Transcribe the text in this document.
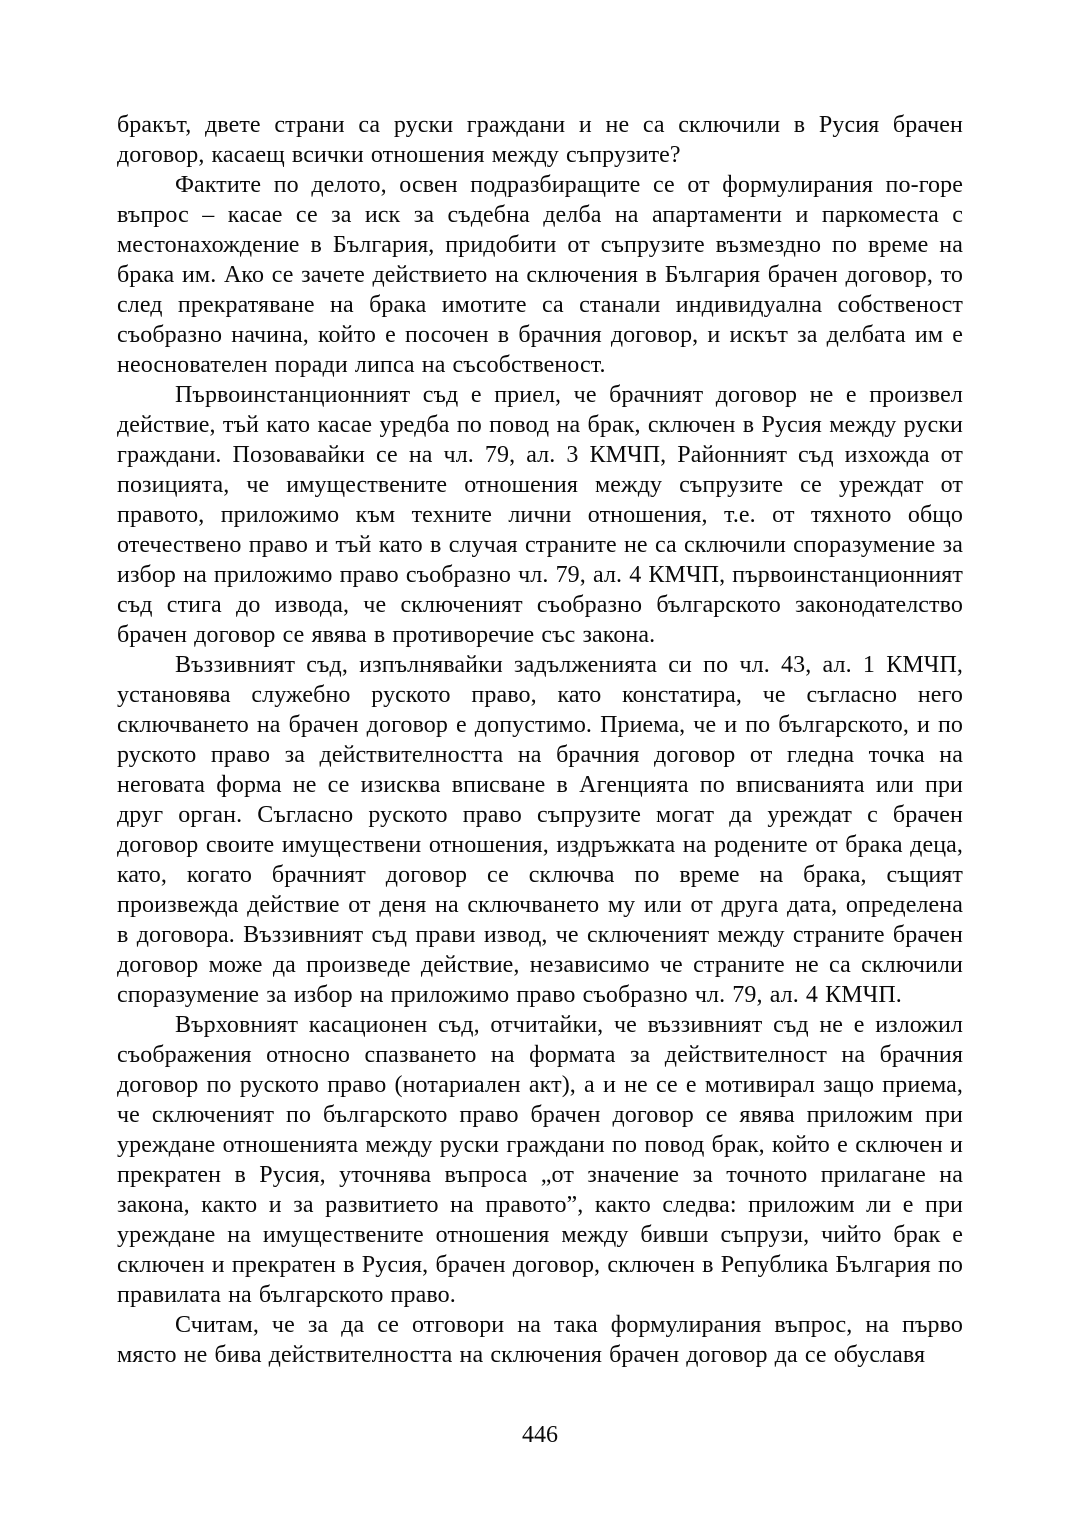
бракът, двете страни са руски граждани и не са сключили в Русия брачен договор, касаещ всички отношения между съпрузите?

Фактите по делото, освен подразбиращите се от формулирания по-горе въпрос – касае се за иск за съдебна делба на апартаменти и паркоместа с местонахождение в България, придобити от съпрузите възмездно по време на брака им. Ако се зачете действието на сключения в България брачен договор, то след прекратяване на брака имотите са станали индивидуална собственост съобразно начина, който е посочен в брачния договор, и искът за делбата им е неоснователен поради липса на съсобственост.

Първоинстанционният съд е приел, че брачният договор не е произвел действие, тъй като касае уредба по повод на брак, сключен в Русия между руски граждани. Позовавайки се на чл. 79, ал. 3 КМЧП, Районният съд изхожда от позицията, че имуществените отношения между съпрузите се уреждат от правото, приложимо към техните лични отношения, т.е. от тяхното общо отечествено право и тъй като в случая страните не са сключили споразумение за избор на приложимо право съобразно чл. 79, ал. 4 КМЧП, първоинстанционният съд стига до извода, че сключеният съобразно българското законодателство брачен договор се явява в противоречие със закона.

Въззивният съд, изпълнявайки задълженията си по чл. 43, ал. 1 КМЧП, установява служебно руското право, като констатира, че съгласно него сключването на брачен договор е допустимо. Приема, че и по българското, и по руското право за действителността на брачния договор от гледна точка на неговата форма не се изисква вписване в Агенцията по вписванията или при друг орган. Съгласно руското право съпрузите могат да уреждат с брачен договор своите имуществени отношения, издръжката на родените от брака деца, като, когато брачният договор се сключва по време на брака, същият произвежда действие от деня на сключването му или от друга дата, определена в договора. Въззивният съд прави извод, че сключеният между страните брачен договор може да произведе действие, независимо че страните не са сключили споразумение за избор на приложимо право съобразно чл. 79, ал. 4 КМЧП.

Върховният касационен съд, отчитайки, че въззивният съд не е изложил съображения относно спазването на формата за действителност на брачния договор по руското право (нотариален акт), а и не се е мотивирал защо приема, че сключеният по българското право брачен договор се явява приложим при уреждане отношенията между руски граждани по повод брак, който е сключен и прекратен в Русия, уточнява въпроса „от значение за точното прилагане на закона, както и за развитието на правото”, както следва: приложим ли е при уреждане на имуществените отношения между бивши съпрузи, чийто брак е сключен и прекратен в Русия, брачен договор, сключен в Република България по правилата на българското право.

Считам, че за да се отговори на така формулирания въпрос, на първо място не бива действителността на сключения брачен договор да се обуславя

446
